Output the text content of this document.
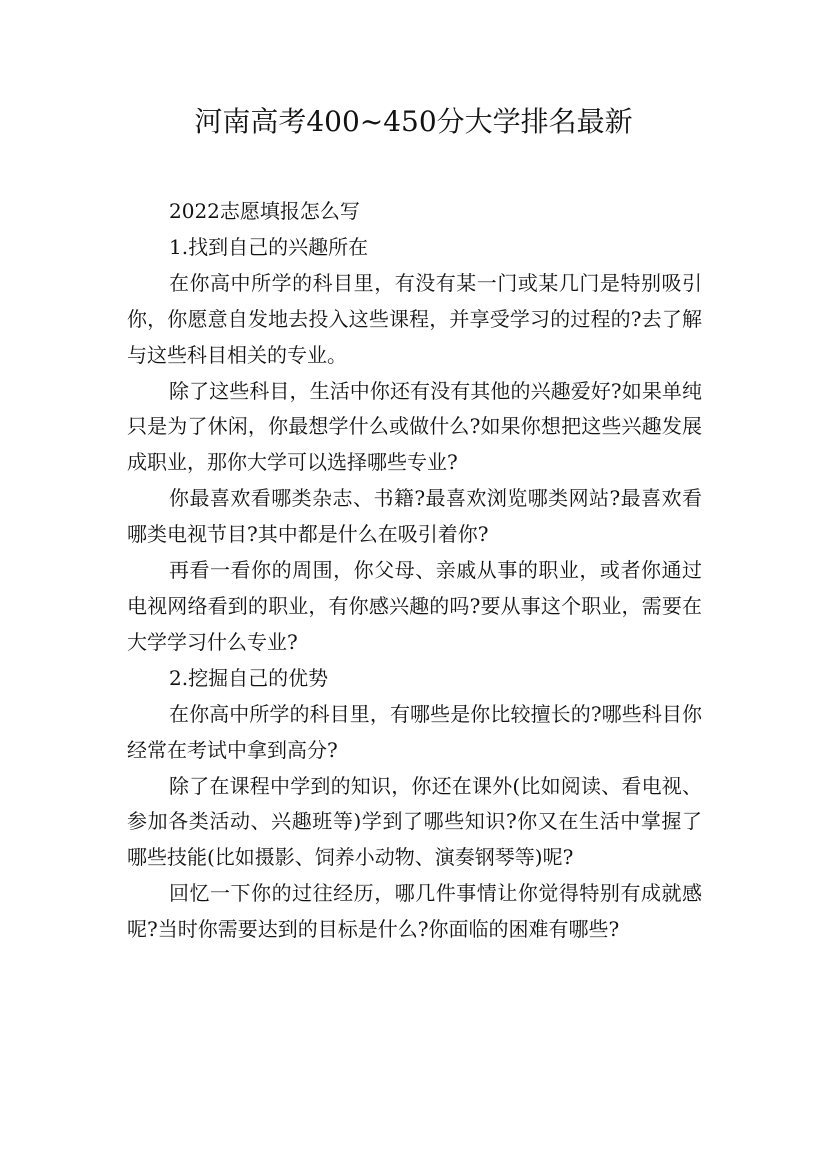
河南高考400~450分大学排名最新

2022志愿填报怎么写

1.找到自己的兴趣所在

在你高中所学的科目里，有没有某一门或某几门是特别吸引你，你愿意自发地去投入这些课程，并享受学习的过程的?去了解与这些科目相关的专业。

除了这些科目，生活中你还有没有其他的兴趣爱好?如果单纯只是为了休闲，你最想学什么或做什么?如果你想把这些兴趣发展成职业，那你大学可以选择哪些专业?

你最喜欢看哪类杂志、书籍?最喜欢浏览哪类网站?最喜欢看哪类电视节目?其中都是什么在吸引着你?

再看一看你的周围，你父母、亲戚从事的职业，或者你通过电视网络看到的职业，有你感兴趣的吗?要从事这个职业，需要在大学学习什么专业?

2.挖掘自己的优势

在你高中所学的科目里，有哪些是你比较擅长的?哪些科目你经常在考试中拿到高分?

除了在课程中学到的知识，你还在课外(比如阅读、看电视、参加各类活动、兴趣班等)学到了哪些知识?你又在生活中掌握了哪些技能(比如摄影、饲养小动物、演奏钢琴等)呢?

回忆一下你的过往经历，哪几件事情让你觉得特别有成就感呢?当时你需要达到的目标是什么?你面临的困难有哪些?
